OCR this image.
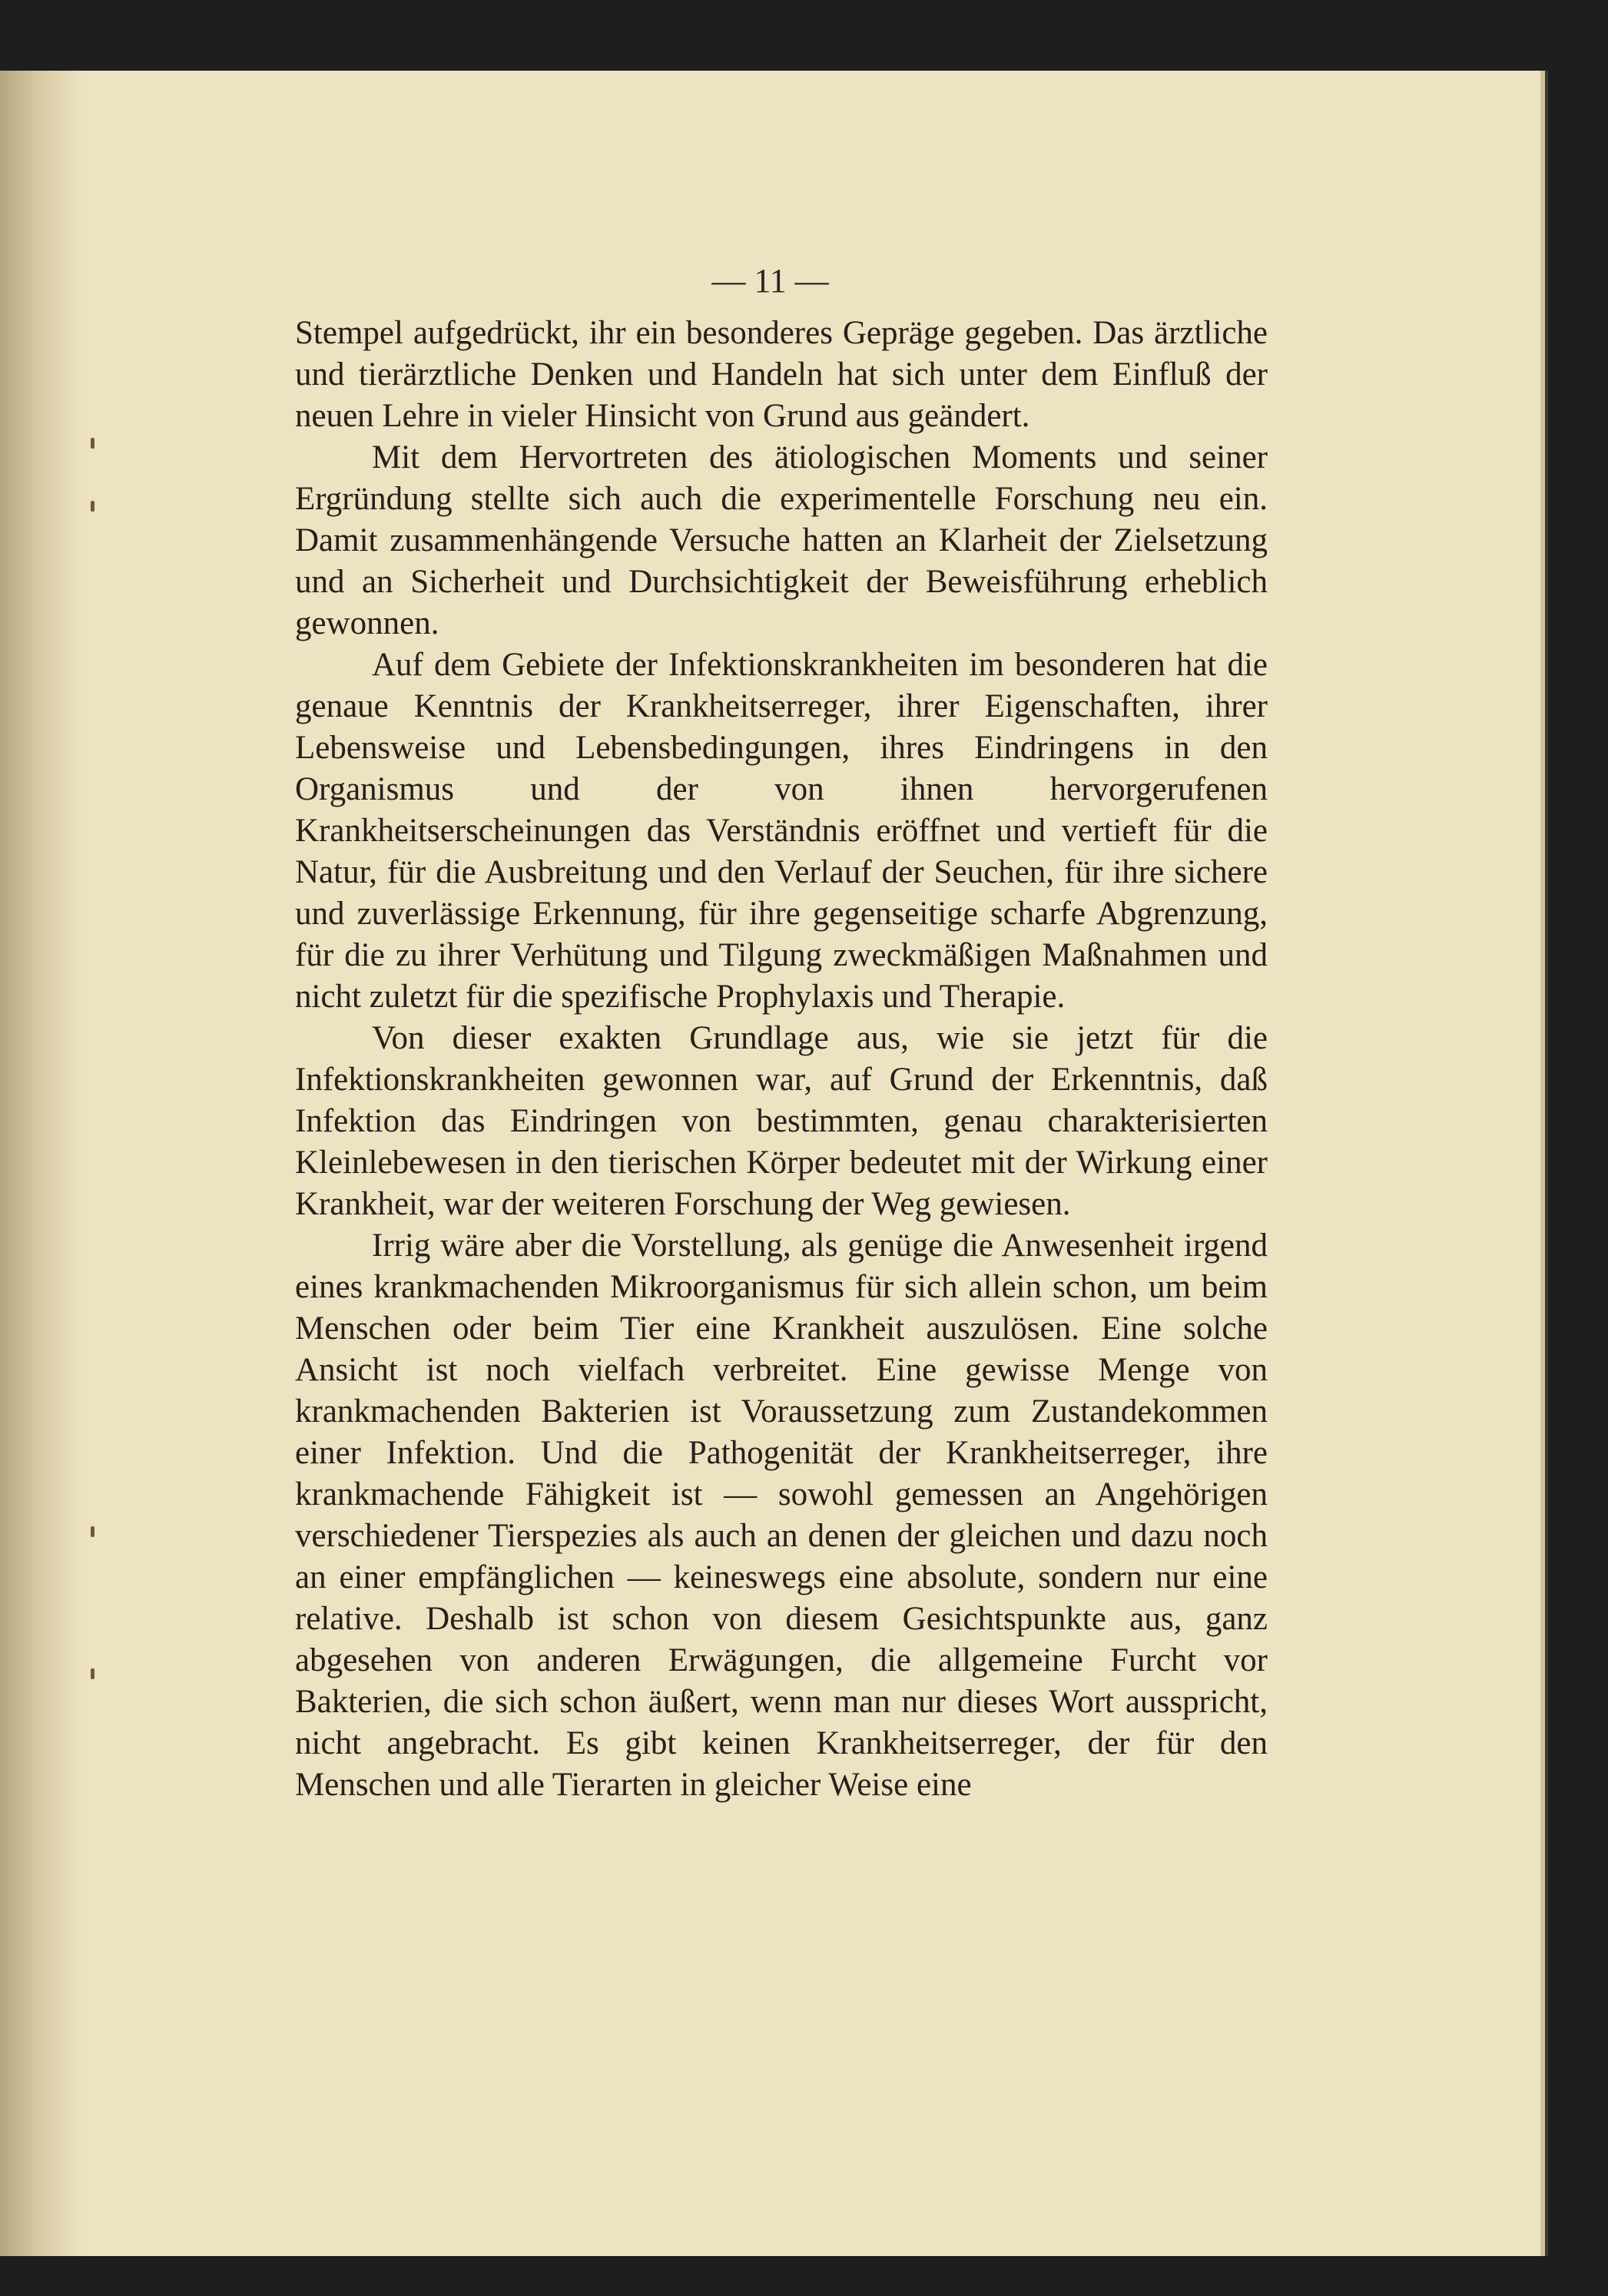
— 11 —

Stempel aufgedrückt, ihr ein besonderes Gepräge gegeben. Das ärztliche und tierärztliche Denken und Handeln hat sich unter dem Einfluß der neuen Lehre in vieler Hinsicht von Grund aus geändert.

Mit dem Hervortreten des ätiologischen Moments und seiner Ergründung stellte sich auch die experimentelle Forschung neu ein. Damit zusammenhängende Versuche hatten an Klarheit der Zielsetzung und an Sicherheit und Durchsichtigkeit der Beweisführung erheblich gewonnen.

Auf dem Gebiete der Infektionskrankheiten im besonderen hat die genaue Kenntnis der Krankheitserreger, ihrer Eigenschaften, ihrer Lebensweise und Lebensbedingungen, ihres Eindringens in den Organismus und der von ihnen hervorgerufenen Krankheitserscheinungen das Verständnis eröffnet und vertieft für die Natur, für die Ausbreitung und den Verlauf der Seuchen, für ihre sichere und zuverlässige Erkennung, für ihre gegenseitige scharfe Abgrenzung, für die zu ihrer Verhütung und Tilgung zweckmäßigen Maßnahmen und nicht zuletzt für die spezifische Prophylaxis und Therapie.

Von dieser exakten Grundlage aus, wie sie jetzt für die Infektionskrankheiten gewonnen war, auf Grund der Erkenntnis, daß Infektion das Eindringen von bestimmten, genau charakterisierten Kleinlebewesen in den tierischen Körper bedeutet mit der Wirkung einer Krankheit, war der weiteren Forschung der Weg gewiesen.

Irrig wäre aber die Vorstellung, als genüge die Anwesenheit irgend eines krankmachenden Mikroorganismus für sich allein schon, um beim Menschen oder beim Tier eine Krankheit auszulösen. Eine solche Ansicht ist noch vielfach verbreitet. Eine gewisse Menge von krankmachenden Bakterien ist Voraussetzung zum Zustandekommen einer Infektion. Und die Pathogenität der Krankheitserreger, ihre krankmachende Fähigkeit ist — sowohl gemessen an Angehörigen verschiedener Tierspezies als auch an denen der gleichen und dazu noch an einer empfänglichen — keineswegs eine absolute, sondern nur eine relative. Deshalb ist schon von diesem Gesichtspunkte aus, ganz abgesehen von anderen Erwägungen, die allgemeine Furcht vor Bakterien, die sich schon äußert, wenn man nur dieses Wort ausspricht, nicht angebracht. Es gibt keinen Krankheitserreger, der für den Menschen und alle Tierarten in gleicher Weise eine
